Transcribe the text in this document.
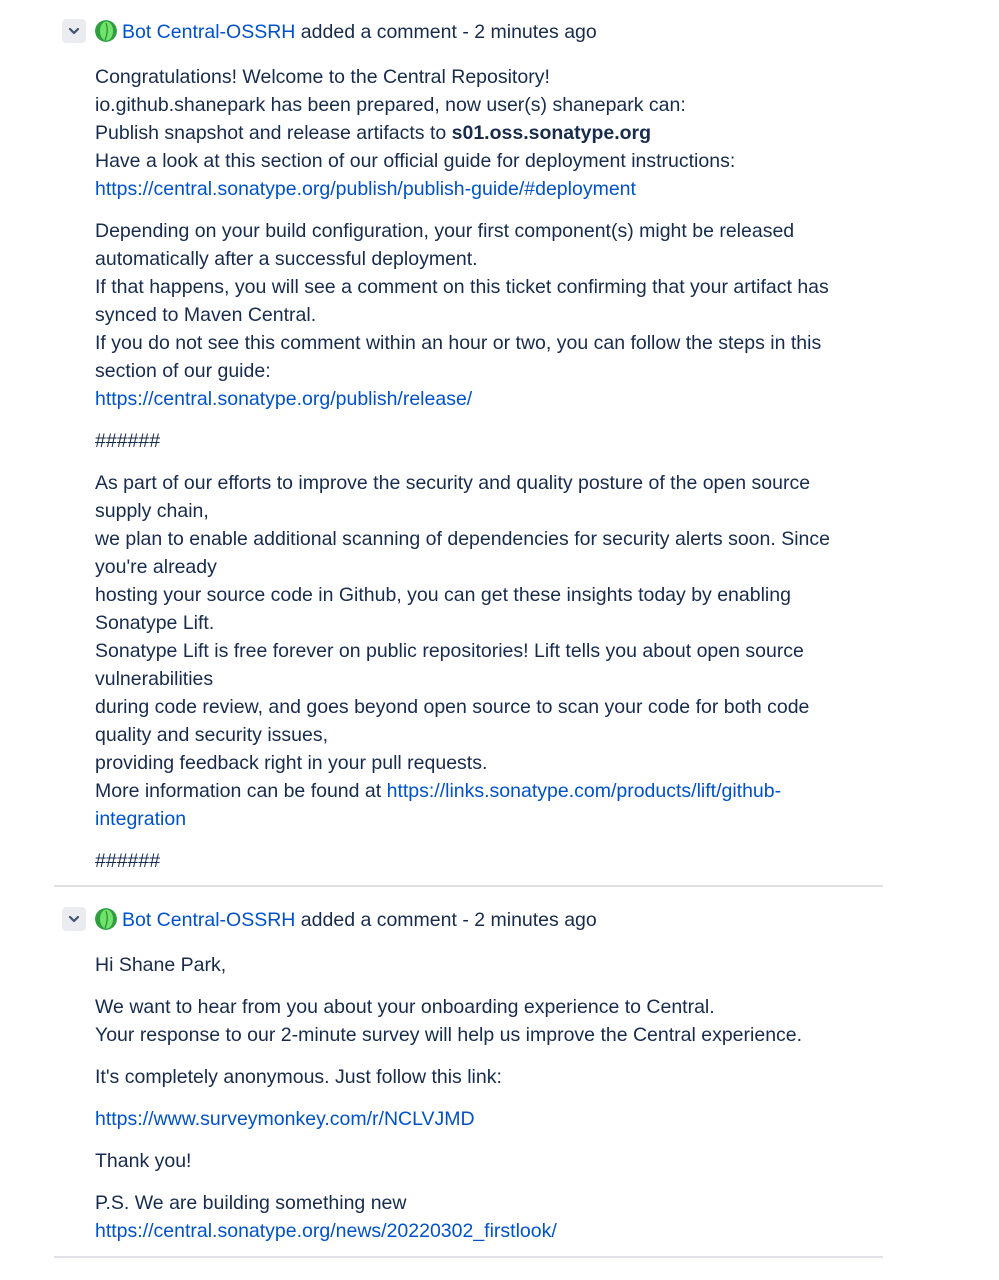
Bot Central-OSSRH added a comment - 2 minutes ago
Congratulations! Welcome to the Central Repository!
io.github.shanepark has been prepared, now user(s) shanepark can:
Publish snapshot and release artifacts to s01.oss.sonatype.org
Have a look at this section of our official guide for deployment instructions:
https://central.sonatype.org/publish/publish-guide/#deployment
Depending on your build configuration, your first component(s) might be released
automatically after a successful deployment.
If that happens, you will see a comment on this ticket confirming that your artifact has
synced to Maven Central.
If you do not see this comment within an hour or two, you can follow the steps in this
section of our guide:
https://central.sonatype.org/publish/release/
######
As part of our efforts to improve the security and quality posture of the open source
supply chain,
we plan to enable additional scanning of dependencies for security alerts soon. Since
you're already
hosting your source code in Github, you can get these insights today by enabling
Sonatype Lift.
Sonatype Lift is free forever on public repositories! Lift tells you about open source
vulnerabilities
during code review, and goes beyond open source to scan your code for both code
quality and security issues,
providing feedback right in your pull requests.
More information can be found at https://links.sonatype.com/products/lift/github-
integration
######
Bot Central-OSSRH added a comment - 2 minutes ago
Hi Shane Park,
We want to hear from you about your onboarding experience to Central.
Your response to our 2-minute survey will help us improve the Central experience.
It's completely anonymous. Just follow this link:
https://www.surveymonkey.com/r/NCLVJMD
Thank you!
P.S. We are building something new
https://central.sonatype.org/news/20220302_firstlook/
